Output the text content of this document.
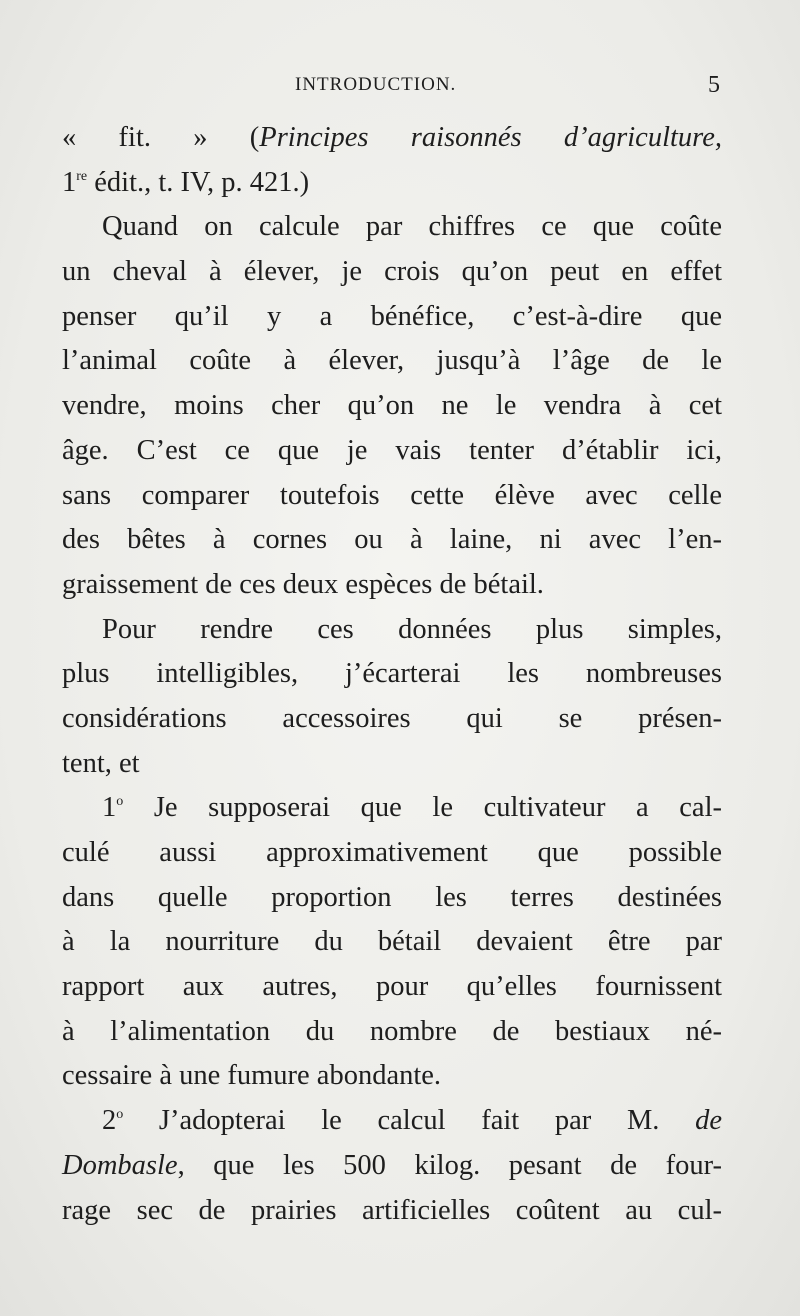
INTRODUCTION.	5
« fit. » (Principes raisonnés d’agriculture,
1re édit., t. IV, p. 421.)
Quand on calcule par chiffres ce que coûte
un cheval à élever, je crois qu’on peut en effet
penser qu’il y a bénéfice, c’est-à-dire que
l’animal coûte à élever, jusqu’à l’âge de le
vendre, moins cher qu’on ne le vendra à cet
âge. C’est ce que je vais tenter d’établir ici,
sans comparer toutefois cette élève avec celle
des bêtes à cornes ou à laine, ni avec l’en-
graissement de ces deux espèces de bétail.
Pour rendre ces données plus simples,
plus intelligibles, j’écarterai les nombreuses
considérations accessoires qui se présen-
tent, et
1$^o$ Je supposerai que le cultivateur a cal-
culé aussi approximativement que possible
dans quelle proportion les terres destinées
à la nourriture du bétail devaient être par
rapport aux autres, pour qu’elles fournissent
à l’alimentation du nombre de bestiaux né-
cessaire à une fumure abondante.
2$^o$ J’adopterai le calcul fait par M. de
Dombasle, que les 500 kilog. pesant de four-
rage sec de prairies artificielles coûtent au cul-
